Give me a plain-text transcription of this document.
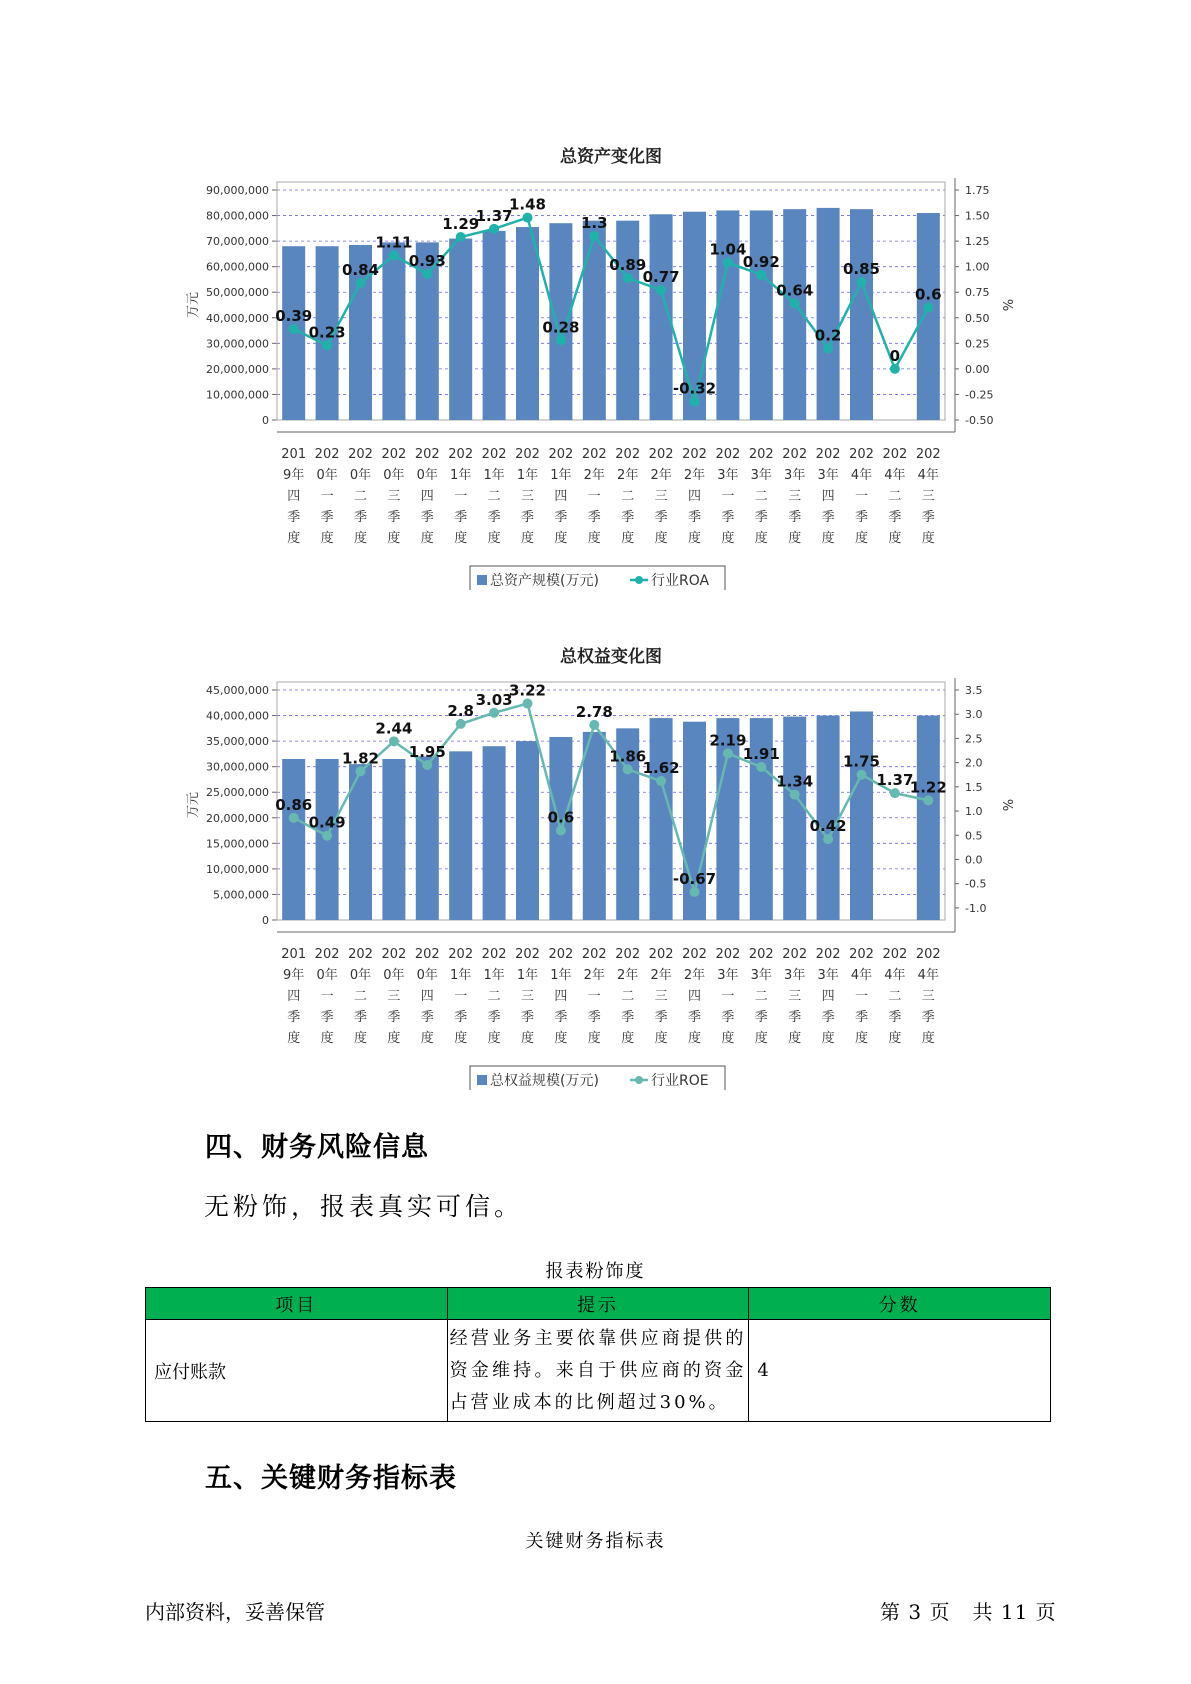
总资产变化图
0
10,000,000
20,000,000
30,000,000
40,000,000
50,000,000
60,000,000
70,000,000
80,000,000
90,000,000
-0.50
-0.25
0.00
0.25
0.50
0.75
1.00
1.25
1.50
1.75
万元	%
0.39
0.23
0.84
1.11
0.93
1.29
1.37
1.48
0.28
1.3
0.89
0.77
-0.32
1.04
0.92
0.64
0.2
0.85
0
0.6
201
9年
四
季
度
202
0年
一
季
度
202
0年
二
季
度
202
0年
三
季
度
202
0年
四
季
度
202
1年
一
季
度
202
1年
二
季
度
202
1年
三
季
度
202
1年
四
季
度
202
2年
一
季
度
202
2年
二
季
度
202
2年
三
季
度
202
2年
四
季
度
202
3年
一
季
度
202
3年
二
季
度
202
3年
三
季
度
202
3年
四
季
度
202
4年
一
季
度
202
4年
二
季
度
202
4年
三
季
度
总资产规模(万元)	行业ROA
总权益变化图
0
5,000,000
10,000,000
15,000,000
20,000,000
25,000,000
30,000,000
35,000,000
40,000,000
45,000,000
-1.0
-0.5
0.0
0.5
1.0
1.5
2.0
2.5
3.0
3.5
万元	%
0.86
0.49
1.82
2.44
1.95
2.8
3.03
3.22
0.6
2.78
1.86
1.62
-0.67
2.19
1.91
1.34
0.42
1.75
1.37
1.22
201
9年
四
季
度
202
0年
一
季
度
202
0年
二
季
度
202
0年
三
季
度
202
0年
四
季
度
202
1年
一
季
度
202
1年
二
季
度
202
1年
三
季
度
202
1年
四
季
度
202
2年
一
季
度
202
2年
二
季
度
202
2年
三
季
度
202
2年
四
季
度
202
3年
一
季
度
202
3年
二
季
度
202
3年
三
季
度
202
3年
四
季
度
202
4年
一
季
度
202
4年
二
季
度
202
4年
三
季
度
总权益规模(万元)	行业ROE
四、财务风险信息
无粉饰，报表真实可信。
报表粉饰度
项目	提示	分数
应付账款	经营业务主要依靠供应商提供的资金维持。来自于供应商的资金占营业成本的比例超过30%。	4
五、关键财务指标表
关键财务指标表
内部资料，妥善保管	第 3 页   共 11 页
